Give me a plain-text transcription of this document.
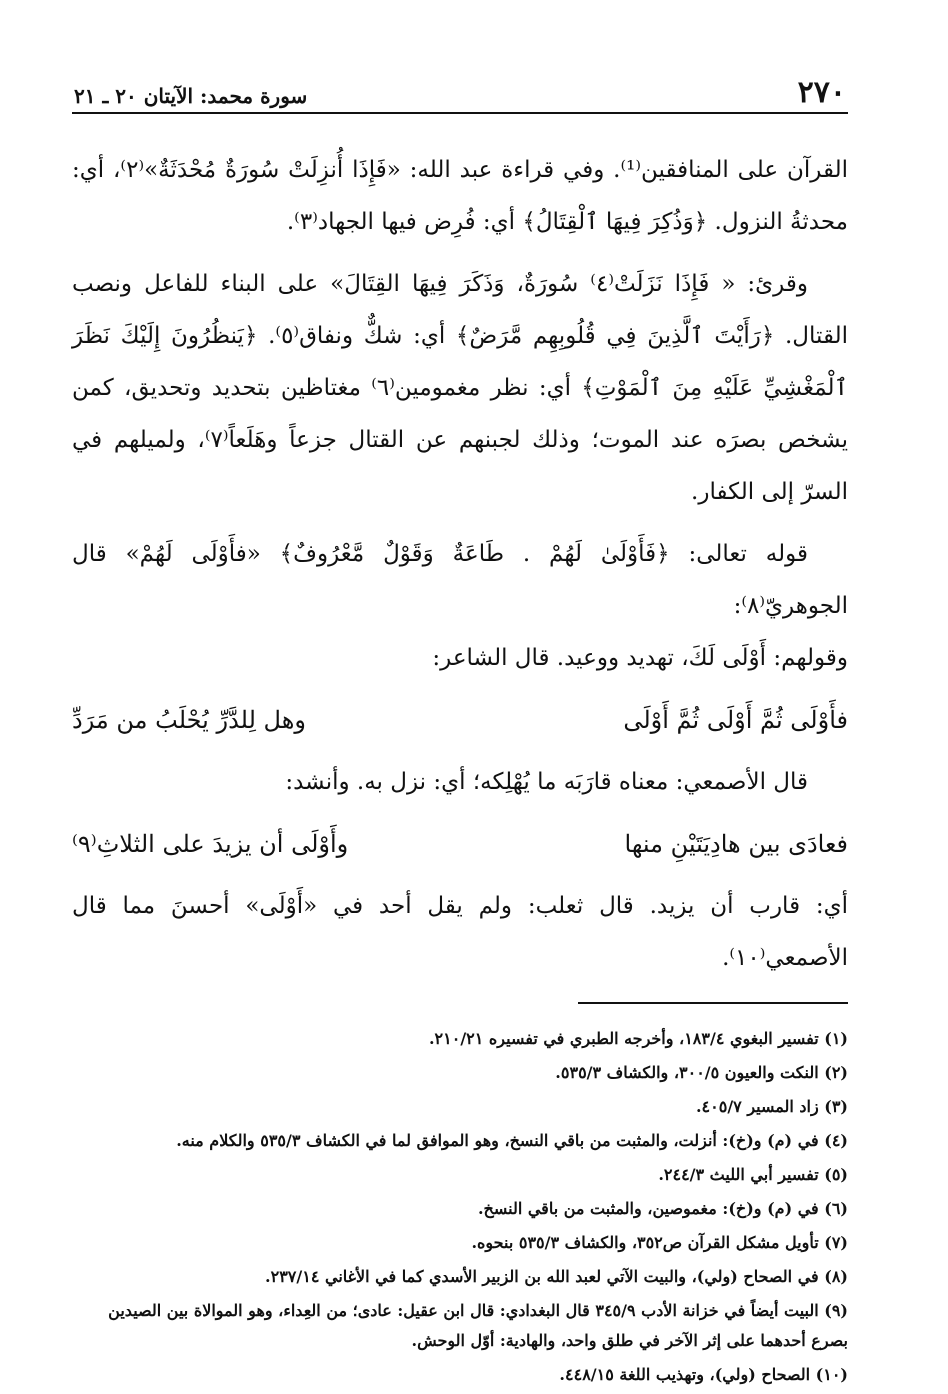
٢٧٠
سورة محمد: الآيتان ٢٠ ـ ٢١

القرآن على المنافقين⁽¹⁾. وفي قراءة عبد الله: «فَإِذَا أُنزِلَتْ سُورَةٌ مُحْدَثَةٌ»⁽٢⁾، أي: محدثةُ النزول. ﴿وَذُكِرَ فِيهَا ٱلْقِتَالُ﴾ أي: فُرِض فيها الجهاد⁽٣⁾.

وقرئ: « فَإِذَا نَزَلَتْ⁽٤⁾ سُورَةٌ، وَذَكَرَ فِيهَا القِتَالَ» على البناء للفاعل ونصب القتال. ﴿رَأَيْتَ ٱلَّذِينَ فِي قُلُوبِهِم مَّرَضٌ﴾ أي: شكٌّ ونفاق⁽٥⁾. ﴿يَنظُرُونَ إِلَيْكَ نَظَرَ ٱلْمَغْشِيِّ عَلَيْهِ مِنَ ٱلْمَوْتِ﴾ أي: نظر مغمومين⁽٦⁾ مغتاظين بتحديد وتحديق، كمن يشخص بصرَه عند الموت؛ وذلك لجبنهم عن القتال جزعاً وهَلَعاً⁽٧⁾، ولميلهم في السرّ إلى الكفار.

قوله تعالى: ﴿فَأَوْلَىٰ لَهُمْ . طَاعَةٌ وَقَوْلٌ مَّعْرُوفٌ﴾ «فأَوْلَى لَهُمْ» قال الجوهريّ⁽٨⁾:

وقولهم: أَوْلَى لَكَ، تهديد ووعيد. قال الشاعر:

فأَوْلَى ثُمَّ أَوْلَى ثُمَّ أَوْلَى
وهل لِلدَّرِّ يُحْلَبُ من مَرَدِّ

قال الأصمعي: معناه قارَبَه ما يُهْلِكه؛ أي: نزل به. وأنشد:

فعادَى بين هادِيَتَيْنِ منها
وأَوْلَى أن يزيدَ على الثلاثِ⁽٩⁾

أي: قارب أن يزيد. قال ثعلب: ولم يقل أحد في «أَوْلَى» أحسنَ مما قال الأصمعي⁽١٠⁾.

(١) تفسير البغوي ١٨٣/٤، وأخرجه الطبري في تفسيره ٢١٠/٢١.

(٢) النكت والعيون ٣٠٠/٥، والكشاف ٥٣٥/٣.

(٣) زاد المسير ٤٠٥/٧.

(٤) في (م) و(خ): أنزلت، والمثبت من باقي النسخ، وهو الموافق لما في الكشاف ٥٣٥/٣ والكلام منه.

(٥) تفسير أبي الليث ٢٤٤/٣.

(٦) في (م) و(خ): مغموصين، والمثبت من باقي النسخ.

(٧) تأويل مشكل القرآن ص٣٥٢، والكشاف ٥٣٥/٣ بنحوه.

(٨) في الصحاح (ولي)، والبيت الآتي لعبد الله بن الزبير الأسدي كما في الأغاني ٢٣٧/١٤.

(٩) البيت أيضاً في خزانة الأدب ٣٤٥/٩ قال البغدادي: قال ابن عقيل: عادى؛ من العِداء، وهو الموالاة بين الصيدين بصرع أحدهما على إثر الآخر في طلق واحد، والهادية: أوّل الوحش.

(١٠) الصحاح (ولي)، وتهذيب اللغة ٤٤٨/١٥.
